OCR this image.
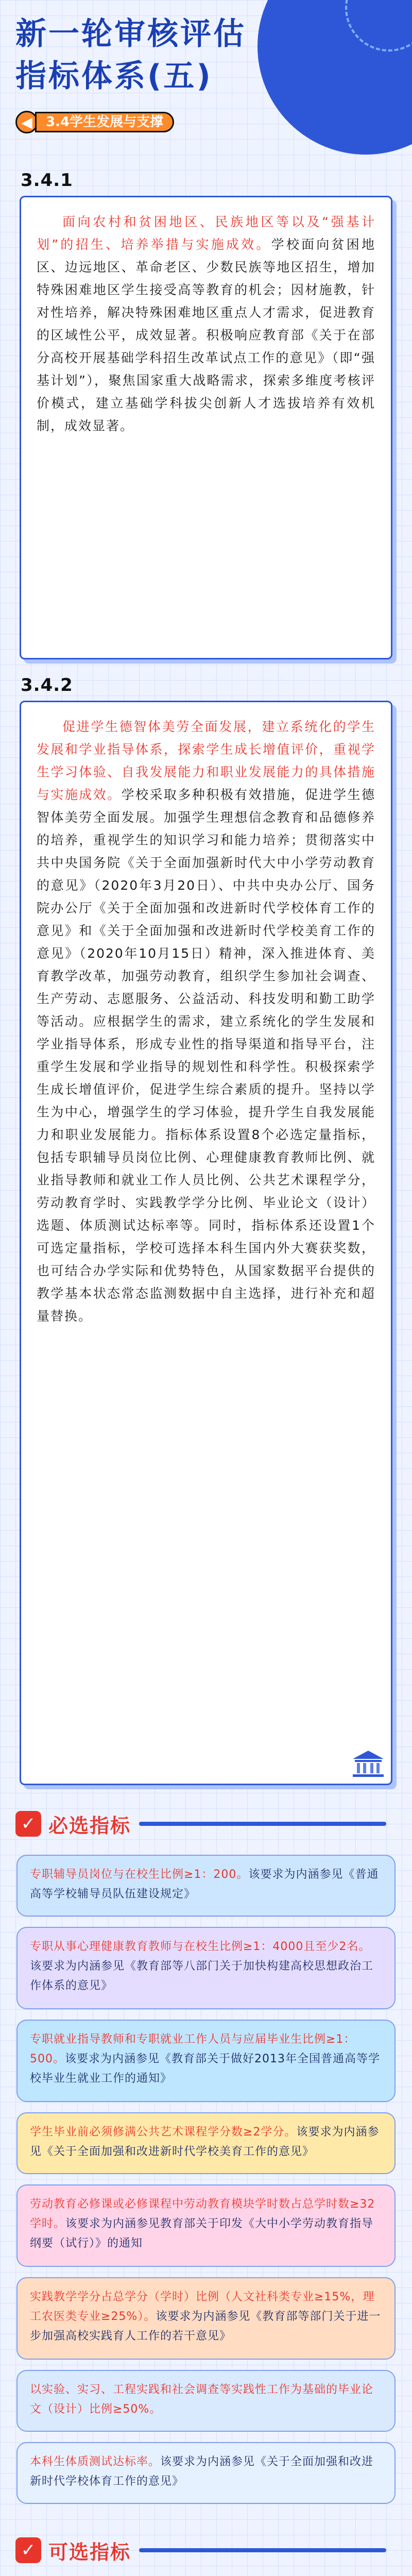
新一轮审核评估
指标体系(五)
◀	3.4学生发展与支撑
3.4.1

面向农村和贫困地区、民族地区等以及“强基计划”的招生、培养举措与实施成效。学校面向贫困地区、边远地区、革命老区、少数民族等地区招生，增加特殊困难地区学生接受高等教育的机会；因材施教，针对性培养，解决特殊困难地区重点人才需求，促进教育的区域性公平，成效显著。积极响应教育部《关于在部分高校开展基础学科招生改革试点工作的意见》（即“强基计划”），聚焦国家重大战略需求，探索多维度考核评价模式，建立基础学科拔尖创新人才选拔培养有效机制，成效显著。

3.4.2

促进学生德智体美劳全面发展，建立系统化的学生发展和学业指导体系，探索学生成长增值评价，重视学生学习体验、自我发展能力和职业发展能力的具体措施与实施成效。学校采取多种积极有效措施，促进学生德智体美劳全面发展。加强学生理想信念教育和品德修养的培养，重视学生的知识学习和能力培养；贯彻落实中共中央国务院《关于全面加强新时代大中小学劳动教育的意见》（2020年3月20日）、中共中央办公厅、国务院办公厅《关于全面加强和改进新时代学校体育工作的意见》和《关于全面加强和改进新时代学校美育工作的意见》（2020年10月15日）精神，深入推进体育、美育教学改革，加强劳动教育，组织学生参加社会调查、生产劳动、志愿服务、公益活动、科技发明和勤工助学等活动。应根据学生的需求，建立系统化的学生发展和学业指导体系，形成专业性的指导渠道和指导平台，注重学生发展和学业指导的规划性和科学性。积极探索学生成长增值评价，促进学生综合素质的提升。坚持以学生为中心，增强学生的学习体验，提升学生自我发展能力和职业发展能力。指标体系设置8个必选定量指标，包括专职辅导员岗位比例、心理健康教育教师比例、就业指导教师和就业工作人员比例、公共艺术课程学分，劳动教育学时、实践教学学分比例、毕业论文（设计）选题、体质测试达标率等。同时，指标体系还设置1个可选定量指标，学校可选择本科生国内外大赛获奖数，也可结合办学实际和优势特色，从国家数据平台提供的教学基本状态常态监测数据中自主选择，进行补充和超量替换。

✓ 必选指标
专职辅导员岗位与在校生比例≥1：200。该要求为内涵参见《普通高等学校辅导员队伍建设规定》
专职从事心理健康教育教师与在校生比例≥1：4000且至少2名。该要求为内涵参见《教育部等八部门关于加快构建高校思想政治工作体系的意见》
专职就业指导教师和专职就业工作人员与应届毕业生比例≥1：500。该要求为内涵参见《教育部关于做好2013年全国普通高等学校毕业生就业工作的通知》
学生毕业前必须修满公共艺术课程学分数≥2学分。该要求为内涵参见《关于全面加强和改进新时代学校美育工作的意见》
劳动教育必修课或必修课程中劳动教育模块学时数占总学时数≥32学时。该要求为内涵参见教育部关于印发《大中小学劳动教育指导纲要（试行）》的通知
实践教学学分占总学分（学时）比例（人文社科类专业≥15%，理工农医类专业≥25%）。该要求为内涵参见《教育部等部门关于进一步加强高校实践育人工作的若干意见》
以实验、实习、工程实践和社会调查等实践性工作为基础的毕业论文（设计）比例≥50%。
本科生体质测试达标率。该要求为内涵参见《关于全面加强和改进新时代学校体育工作的意见》
✓ 可选指标
